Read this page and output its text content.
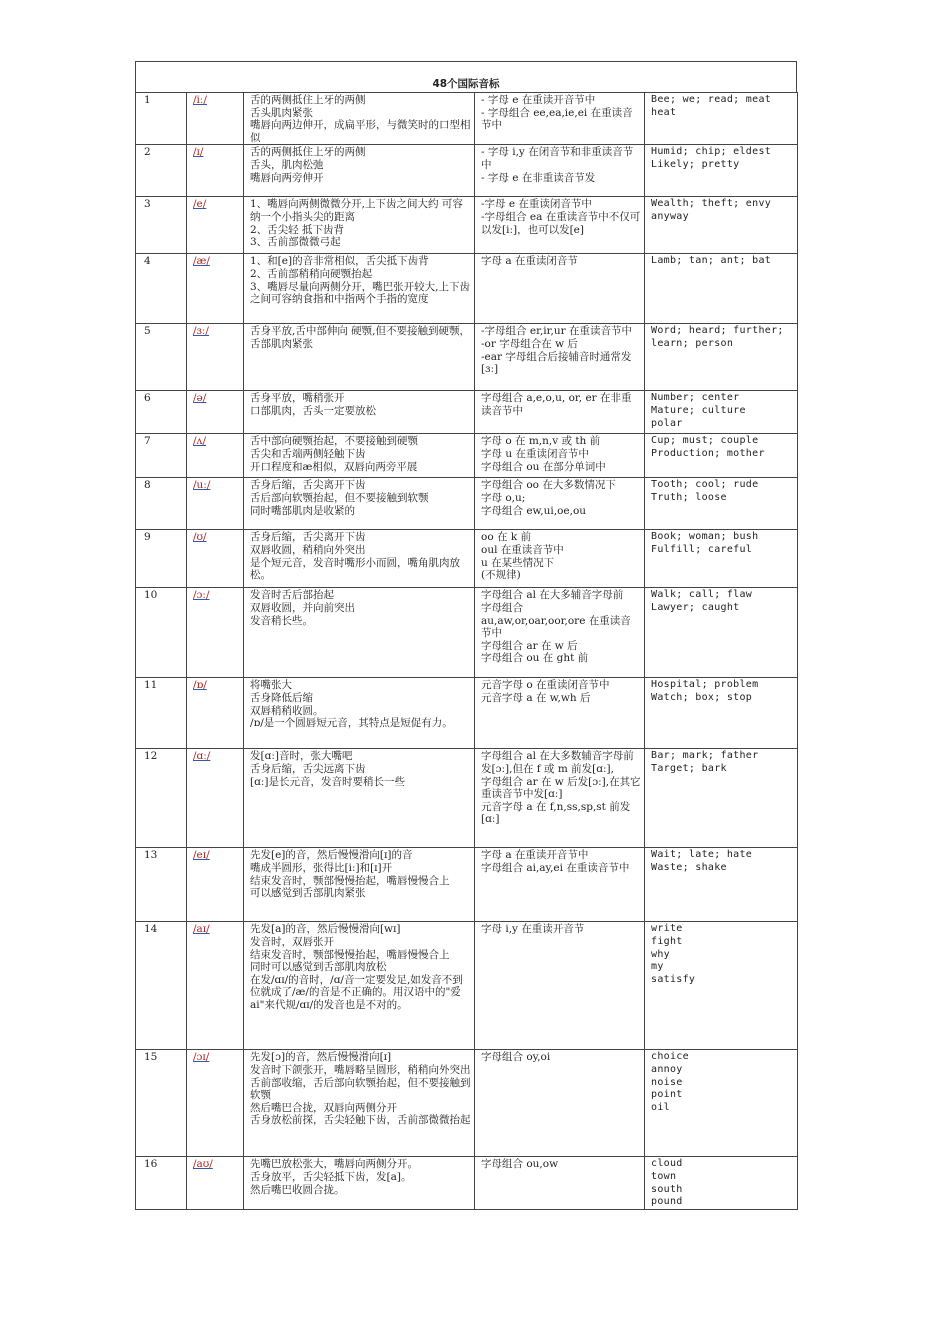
48个国际音标
1	/iː/	舌的两侧抵住上牙的两侧
舌头肌肉紧张
嘴唇向两边伸开，成扁平形，与微笑时的口型相似	- 字母 e 在重读开音节中
- 字母组合 ee,ea,ie,ei 在重读音节中	Bee; we; read; meat
heat

2	/ɪ/	舌的两侧抵住上牙的两侧
舌头，肌肉松弛
嘴唇向两旁伸开	- 字母 i,y 在闭音节和非重读音节中
- 字母 e 在非重读音节发	Humid; chip; eldest
Likely; pretty

3	/e/	1、嘴唇向两侧微微分开,上下齿之间大约 可容纳一个小指头尖的距离
2、舌尖轻 抵下齿背
3、舌前部微微弓起	-字母 e 在重读闭音节中
-字母组合 ea 在重读音节中不仅可以发[iː]，也可以发[e]	Wealth; theft; envy
anyway

4	/æ/	1、和[e]的音非常相似，舌尖抵下齿背
2、舌前部稍稍向硬颚抬起
3、嘴唇尽量向两侧分开，嘴巴张开较大,上下齿之间可容纳食指和中指两个手指的宽度	字母 a 在重读闭音节	Lamb; tan; ant; bat

5	/ɜː/	舌身平放,舌中部伸向 硬颚,但不要接触到硬颚，舌部肌肉紧张	-字母组合 er,ir,ur 在重读音节中
-or 字母组合在 w 后
-ear 字母组合后接辅音时通常发[ɜː]	Word; heard; further;
learn; person

6	/ə/	舌身平放，嘴稍张开
口部肌肉，舌头一定要放松	字母组合 a,e,o,u, or, er 在非重读音节中	Number; center
Mature; culture
polar

7	/ʌ/	舌中部向硬颚抬起，不要接触到硬颚
舌尖和舌端两侧轻触下齿
开口程度和æ相似，双唇向两旁平展	字母 o 在 m,n,v 或 th 前
字母 u 在重读闭音节中
字母组合 ou 在部分单词中	Cup; must; couple
Production; mother

8	/uː/	舌身后缩，舌尖离开下齿
舌后部向软颚抬起，但不要接触到软颚
同时嘴部肌肉是收紧的	字母组合 oo 在大多数情况下
字母 o,u;
字母组合 ew,ui,oe,ou	Tooth; cool; rude
Truth; loose

9	/ʊ/	舌身后缩，舌尖离开下齿
双唇收圆，稍稍向外突出
是个短元音，发音时嘴形小而圆，嘴角肌肉放松。	oo 在 k 前
oul 在重读音节中
u 在某些情况下
(不规律)	Book; woman; bush
Fulfill; careful

10	/ɔː/	发音时舌后部抬起
双唇收圆，并向前突出
发音稍长些。	字母组合 al 在大多辅音字母前
字母组合
au,aw,or,oar,oor,ore 在重读音节中
字母组合 ar 在 w 后
字母组合 ou 在 ght 前	Walk; call; flaw
Lawyer; caught

11	/ɒ/	将嘴张大
舌身降低后缩
双唇稍稍收圆。
/ɒ/是一个圆唇短元音，其特点是短促有力。	元音字母 o 在重读闭音节中
元音字母 a 在 w,wh 后	Hospital; problem
Watch; box; stop

12	/ɑː/	发[ɑː]音时，张大嘴吧
舌身后缩，舌尖远离下齿
[ɑː]是长元音，发音时要稍长一些	字母组合 al 在大多数辅音字母前发[ɔː],但在 f 或 m 前发[ɑː],
字母组合 ar 在 w 后发[ɔː],在其它重读音节中发[ɑː]
元音字母 a 在 f,n,ss,sp,st 前发[ɑː]	Bar; mark; father
Target; bark

13	/eɪ/	先发[e]的音，然后慢慢滑向[ɪ]的音
嘴成半圆形，张得比[iː]和[ɪ]开
结束发音时，颚部慢慢抬起，嘴唇慢慢合上
可以感觉到舌部肌肉紧张	字母 a 在重读开音节中
字母组合 ai,ay,ei 在重读音节中	Wait; late; hate
Waste; shake

14	/aɪ/	先发[a]的音，然后慢慢滑向[wɪ]
发音时，双唇张开
结束发音时，颚部慢慢抬起，嘴唇慢慢合上
同时可以感觉到舌部肌肉放松
在发/ɑɪ/的音时，/ɑ/音一定要发足,如发音不到位就成了/æ/的音是不正确的。用汉语中的"爱 ai"来代规/ɑɪ/的发音也是不对的。	字母 i,y 在重读开音节	write
fight
why
my
satisfy

15	/ɔɪ/	先发[ɔ]的音，然后慢慢滑向[ɪ]
发音时下颌张开，嘴唇略呈圆形，稍稍向外突出
舌前部收缩，舌后部向软颚抬起，但不要接触到软颚
然后嘴巴合拢，双唇向两侧分开
舌身放松前探，舌尖轻触下齿，舌前部微微抬起	字母组合 oy,oi	choice
annoy
noise
point
oil

16	/aʊ/	先嘴巴放松张大，嘴唇向两侧分开。
舌身放平，舌尖轻抵下齿，发[a]。
然后嘴巴收圆合拢。	字母组合 ou,ow	cloud
town
south
pound
